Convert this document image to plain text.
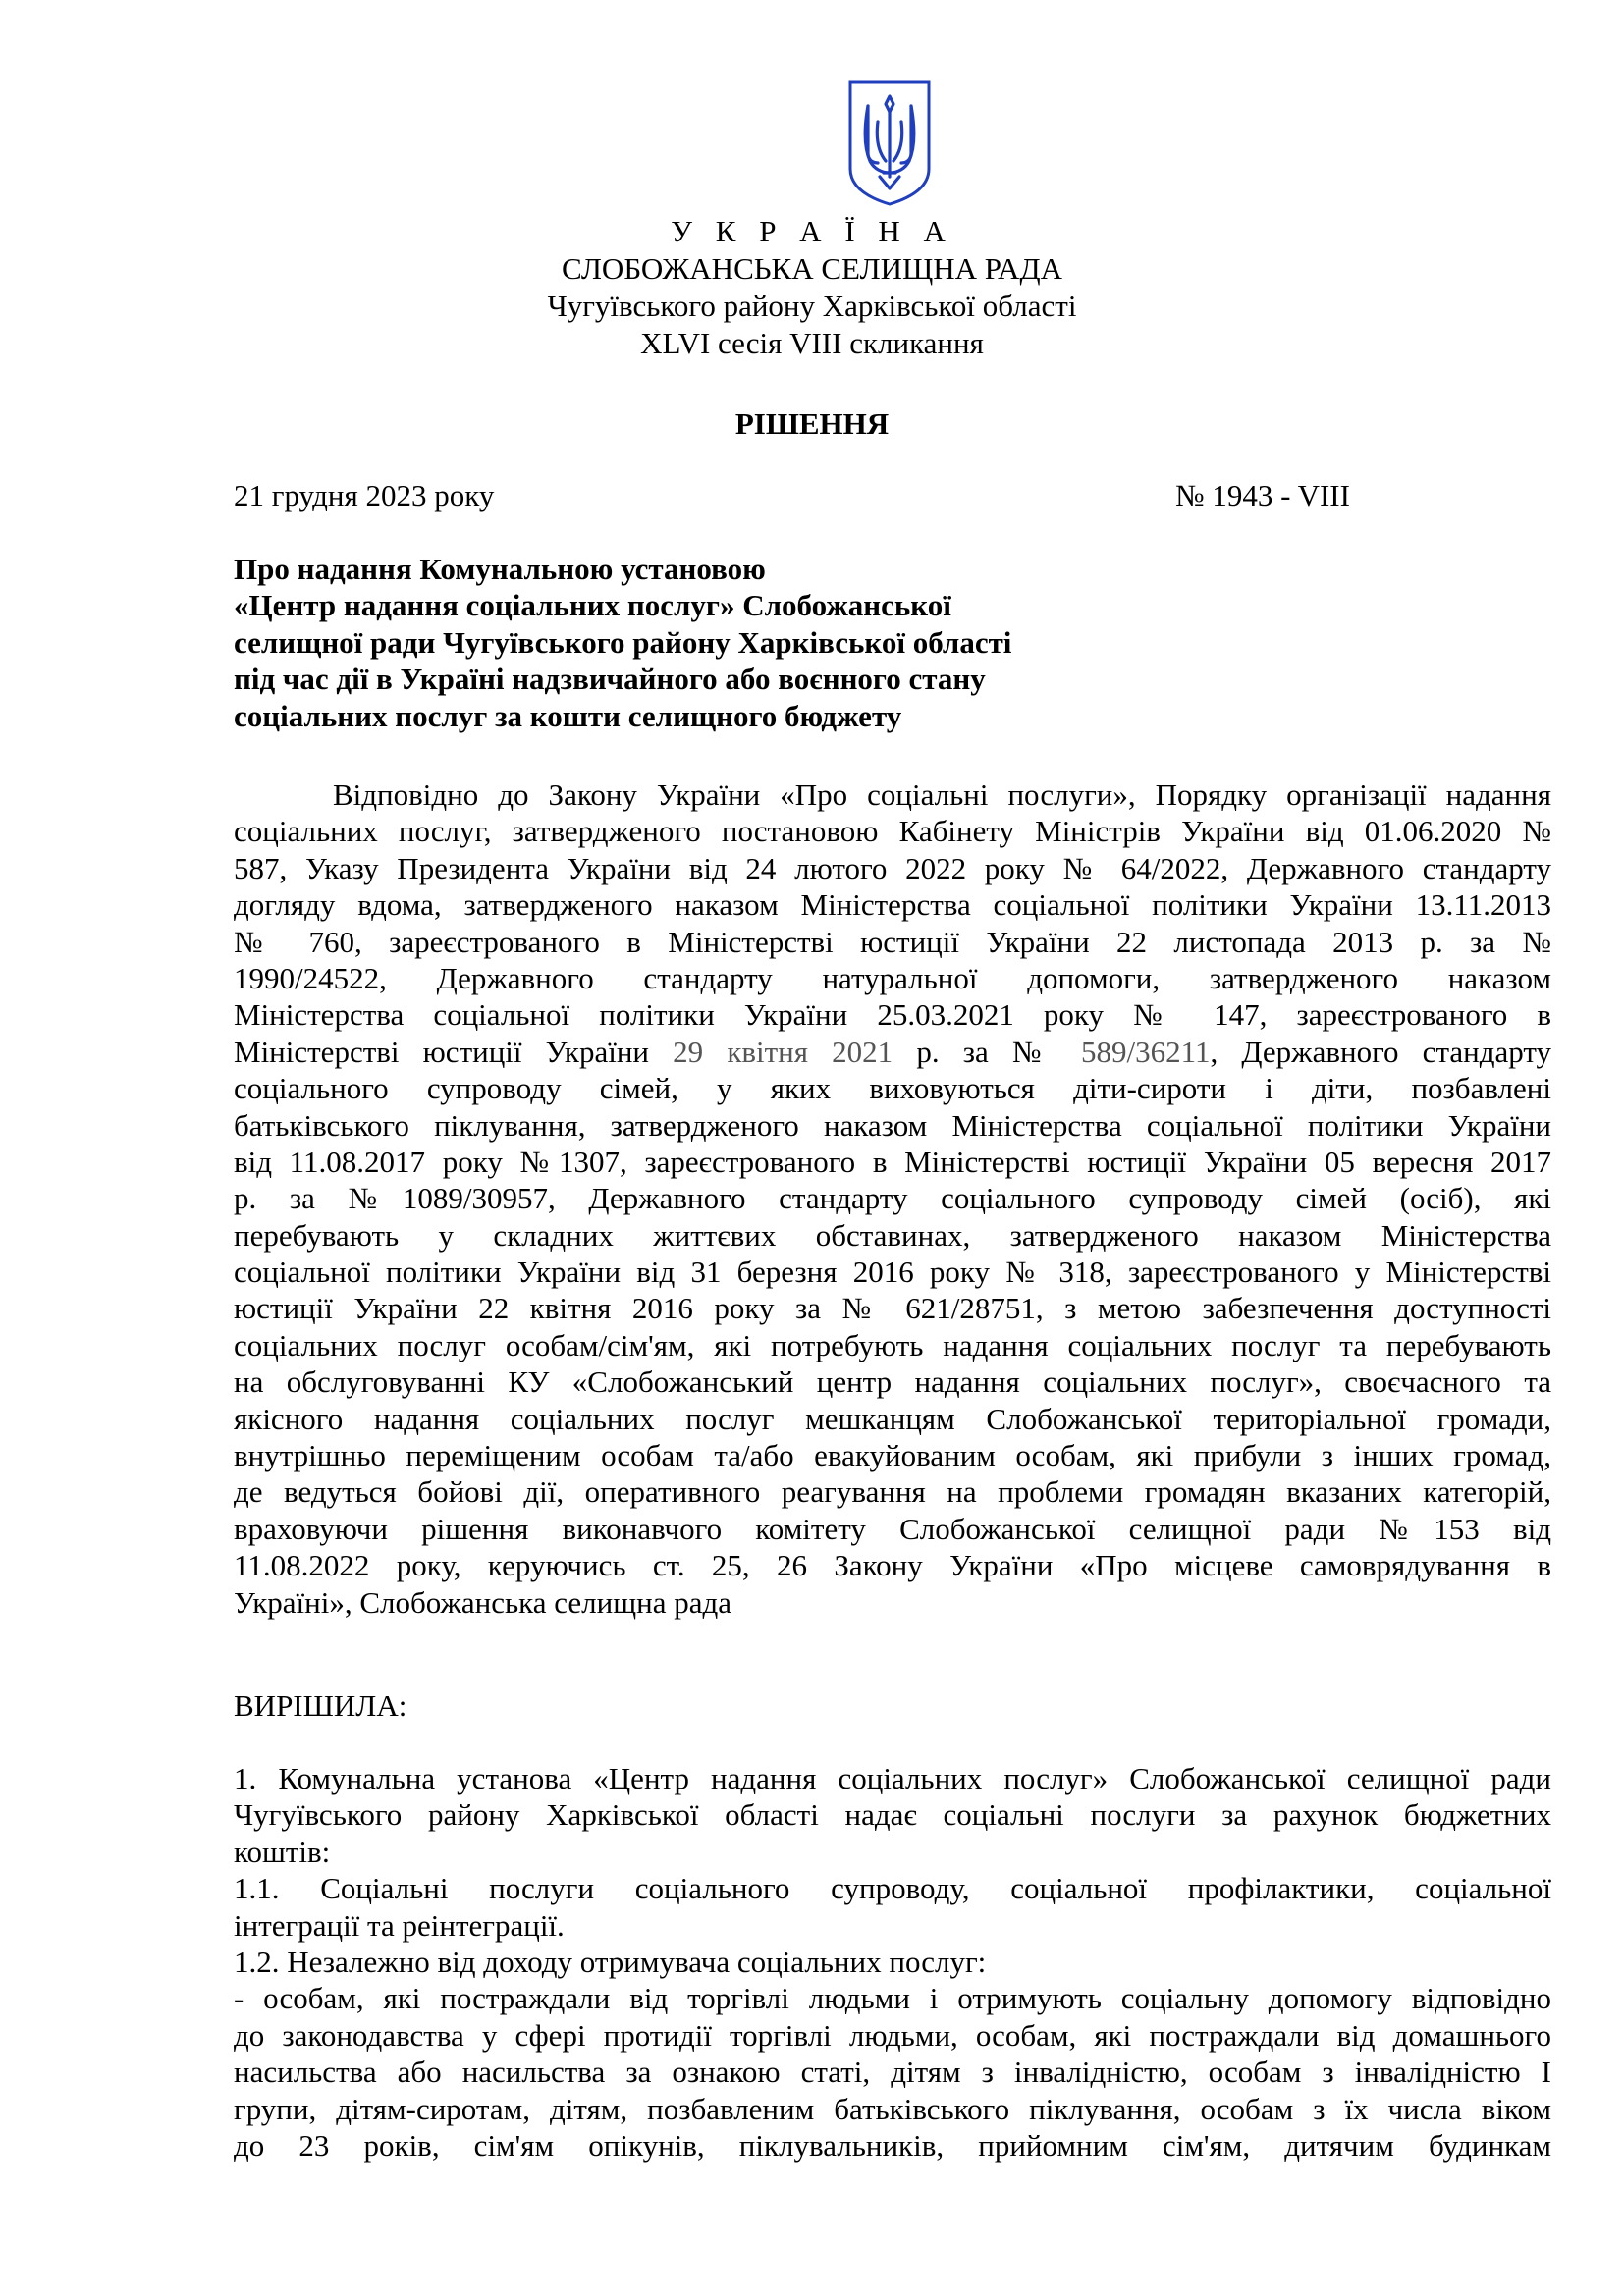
У К Р А Ї Н А
СЛОБОЖАНСЬКА СЕЛИЩНА РАДА
Чугуївського району Харківської області
XLVI сесія VIII скликання
РІШЕННЯ
21 грудня 2023 року	№ 1943 - VIII
Про надання Комунальною установою
«Центр надання соціальних послуг» Слобожанської
селищної ради Чугуївського району Харківської області
під час дії в Україні надзвичайного або воєнного стану
соціальних послуг за кошти селищного бюджету
Відповідно до Закону України «Про соціальні послуги», Порядку організації надання
соціальних послуг, затвердженого постановою Кабінету Міністрів України від 01.06.2020 №
587, Указу Президента України від 24 лютого 2022 року № 64/2022, Державного стандарту
догляду вдома, затвердженого наказом Міністерства соціальної політики України 13.11.2013
№ 760, зареєстрованого в Міністерстві юстиції України 22 листопада 2013 р. за №
1990/24522, Державного стандарту натуральної допомоги, затвердженого наказом
Міністерства соціальної політики України 25.03.2021 року № 147, зареєстрованого в
Міністерстві юстиції України 29 квітня 2021 р. за № 589/36211, Державного стандарту
соціального супроводу сімей, у яких виховуються діти-сироти і діти, позбавлені
батьківського піклування, затвердженого наказом Міністерства соціальної політики України
від 11.08.2017 року №1307, зареєстрованого в Міністерстві юстиції України 05 вересня 2017
р. за №1089/30957, Державного стандарту соціального супроводу сімей (осіб), які
перебувають у складних життєвих обставинах, затвердженого наказом Міністерства
соціальної політики України від 31 березня 2016 року № 318, зареєстрованого у Міністерстві
юстиції України 22 квітня 2016 року за № 621/28751, з метою забезпечення доступності
соціальних послуг особам/сім'ям, які потребують надання соціальних послуг та перебувають
на обслуговуванні КУ «Слобожанський центр надання соціальних послуг», своєчасного та
якісного надання соціальних послуг мешканцям Слобожанської територіальної громади,
внутрішньо переміщеним особам та/або евакуйованим особам, які прибули з інших громад,
де ведуться бойові дії, оперативного реагування на проблеми громадян вказаних категорій,
враховуючи рішення виконавчого комітету Слобожанської селищної ради №153 від
11.08.2022 року, керуючись ст. 25, 26 Закону України «Про місцеве самоврядування в
Україні», Слобожанська селищна рада
ВИРІШИЛА:
1. Комунальна установа «Центр надання соціальних послуг» Слобожанської селищної ради
Чугуївського району Харківської області надає соціальні послуги за рахунок бюджетних
коштів:
1.1. Соціальні послуги соціального супроводу, соціальної профілактики, соціальної
інтеграції та реінтеграції.
1.2. Незалежно від доходу отримувача соціальних послуг:
- особам, які постраждали від торгівлі людьми і отримують соціальну допомогу відповідно
до законодавства у сфері протидії торгівлі людьми, особам, які постраждали від домашнього
насильства або насильства за ознакою статі, дітям з інвалідністю, особам з інвалідністю І
групи, дітям-сиротам, дітям, позбавленим батьківського піклування, особам з їх числа віком
до 23 років, сім'ям опікунів, піклувальників, прийомним сім'ям, дитячим будинкам
